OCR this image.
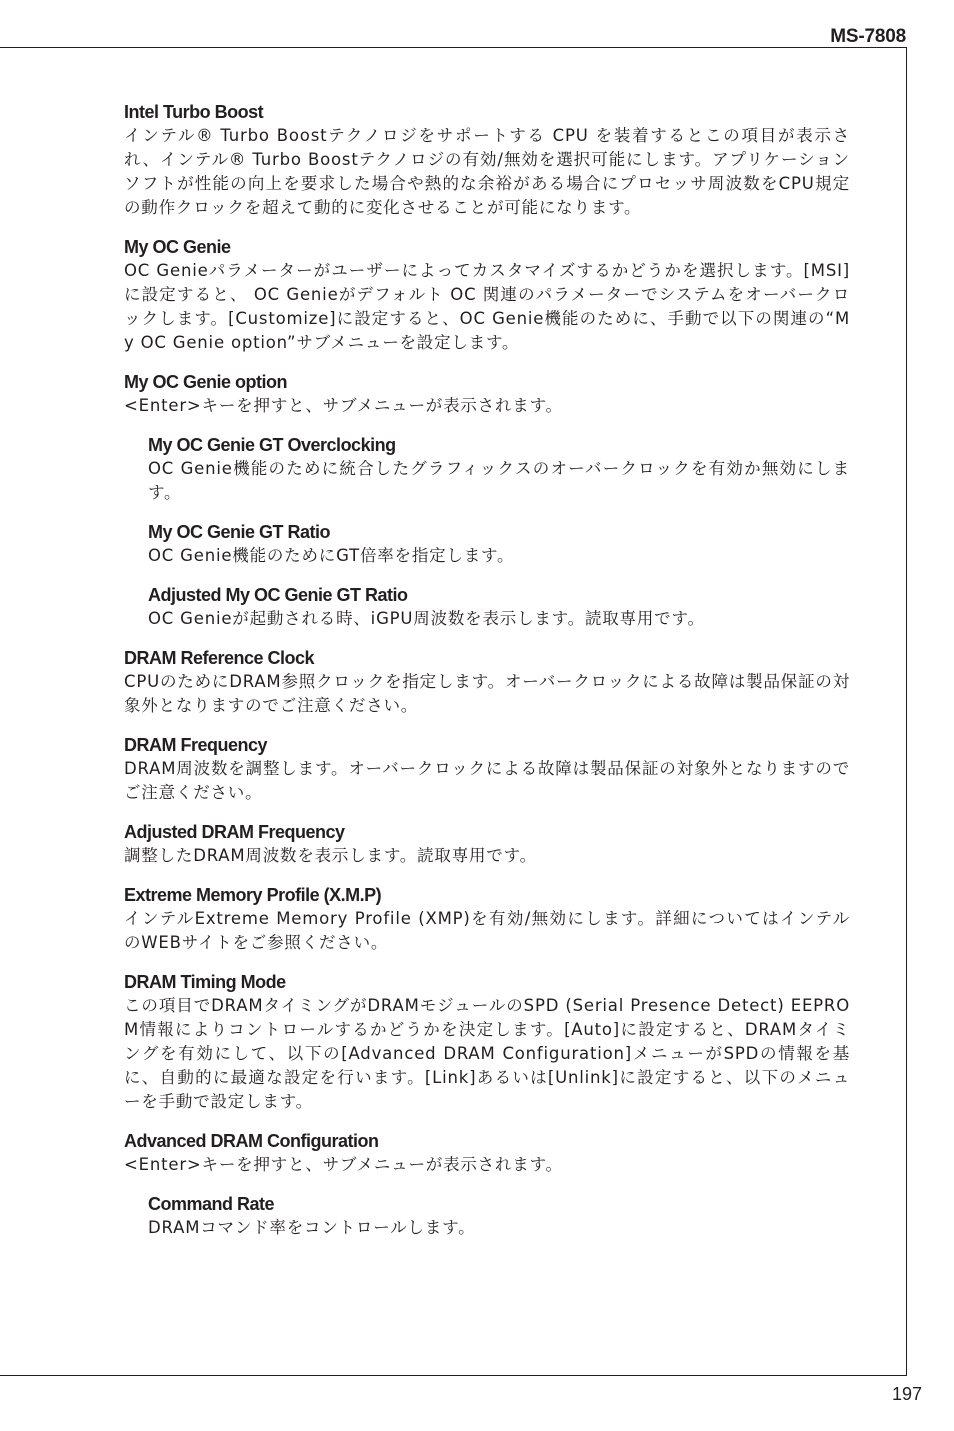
MS-7808
197
Intel Turbo Boost
インテル® Turbo Boostテクノロジをサポートする CPU を装着するとこの項目が表示され、インテル® Turbo Boostテクノロジの有効/無効を選択可能にします。アプリケーションソフトが性能の向上を要求した場合や熱的な余裕がある場合にプロセッサ周波数をCPU規定の動作クロックを超えて動的に変化させることが可能になります。
My OC Genie
OC Genieパラメーターがユーザーによってカスタマイズするかどうかを選択します。[MSI]に設定すると、 OC Genieがデフォルト OC 関連のパラメーターでシステムをオーバークロックします。[Customize]に設定すると、OC Genie機能のために、手動で以下の関連の“My OC Genie option”サブメニューを設定します。
My OC Genie option
<Enter>キーを押すと、サブメニューが表示されます。
My OC Genie GT Overclocking
OC Genie機能のために統合したグラフィックスのオーバークロックを有効か無効にします。
My OC Genie GT Ratio
OC Genie機能のためにGT倍率を指定します。
Adjusted My OC Genie GT Ratio
OC Genieが起動される時、iGPU周波数を表示します。読取専用です。
DRAM Reference Clock
CPUのためにDRAM参照クロックを指定します。オーバークロックによる故障は製品保証の対象外となりますのでご注意ください。
DRAM Frequency
DRAM周波数を調整します。オーバークロックによる故障は製品保証の対象外となりますのでご注意ください。
Adjusted DRAM Frequency
調整したDRAM周波数を表示します。読取専用です。
Extreme Memory Profile (X.M.P)
インテルExtreme Memory Profile (XMP)を有効/無効にします。詳細についてはインテルのWEBサイトをご参照ください。
DRAM Timing Mode
この項目でDRAMタイミングがDRAMモジュールのSPD (Serial Presence Detect) EEPROM情報によりコントロールするかどうかを決定します。[Auto]に設定すると、DRAMタイミングを有効にして、以下の[Advanced DRAM Configuration]メニューがSPDの情報を基に、自動的に最適な設定を行います。[Link]あるいは[Unlink]に設定すると、以下のメニューを手動で設定します。
Advanced DRAM Configuration
<Enter>キーを押すと、サブメニューが表示されます。
Command Rate
DRAMコマンド率をコントロールします。
